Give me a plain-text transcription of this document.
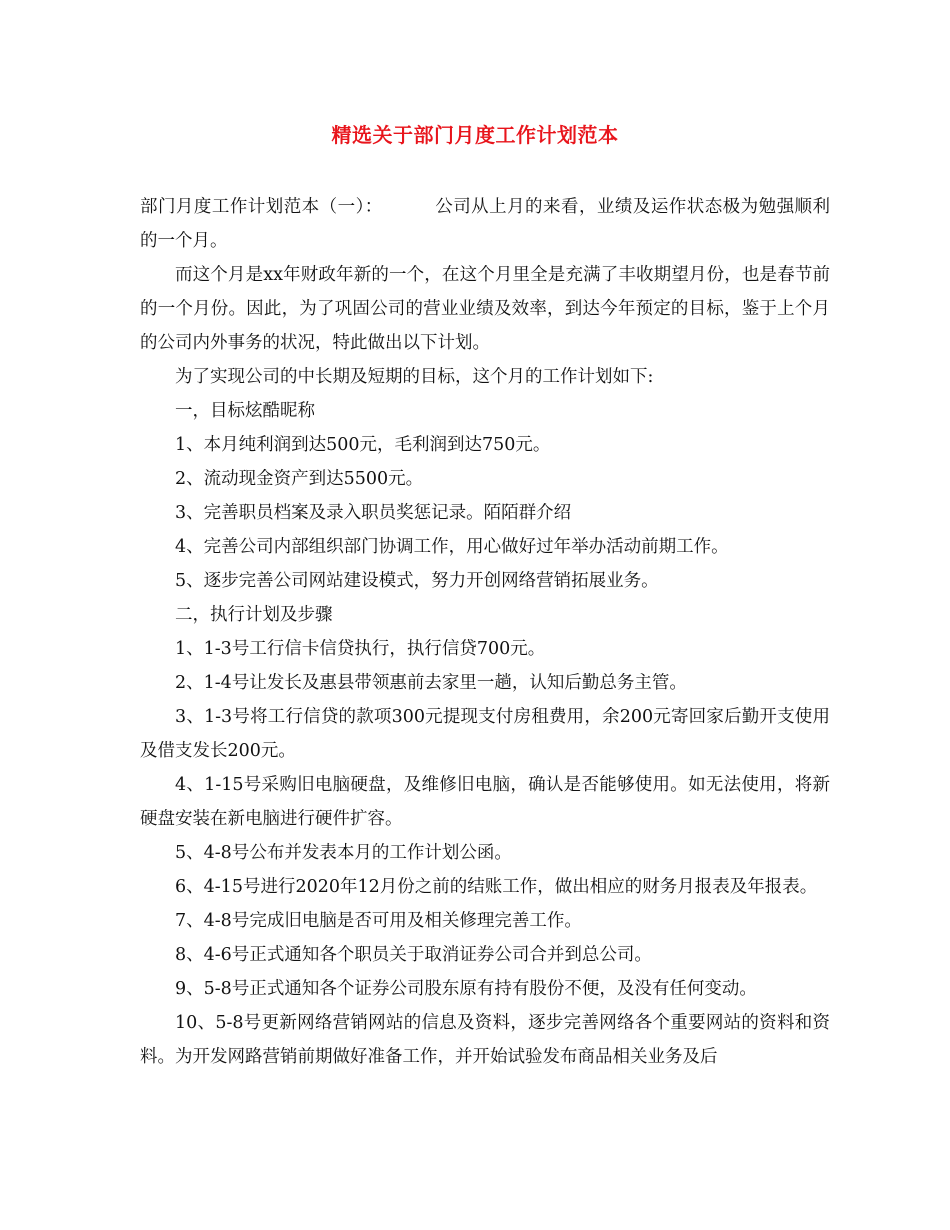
精选关于部门月度工作计划范本

部门月度工作计划范本（一）：	公司从上月的来看，业绩及运作状态极为勉强顺利的一个月。

而这个月是xx年财政年新的一个，在这个月里全是充满了丰收期望月份，也是春节前的一个月份。因此，为了巩固公司的营业业绩及效率，到达今年预定的目标，鉴于上个月的公司内外事务的状况，特此做出以下计划。

为了实现公司的中长期及短期的目标，这个月的工作计划如下:

一，目标炫酷昵称

1、本月纯利润到达500元，毛利润到达750元。

2、流动现金资产到达5500元。

3、完善职员档案及录入职员奖惩记录。陌陌群介绍

4、完善公司内部组织部门协调工作，用心做好过年举办活动前期工作。

5、逐步完善公司网站建设模式，努力开创网络营销拓展业务。

二，执行计划及步骤

1、1-3号工行信卡信贷执行，执行信贷700元。

2、1-4号让发长及惠县带领惠前去家里一趟，认知后勤总务主管。

3、1-3号将工行信贷的款项300元提现支付房租费用，余200元寄回家后勤开支使用及借支发长200元。

4、1-15号采购旧电脑硬盘，及维修旧电脑，确认是否能够使用。如无法使用，将新硬盘安装在新电脑进行硬件扩容。

5、4-8号公布并发表本月的工作计划公函。

6、4-15号进行2020年12月份之前的结账工作，做出相应的财务月报表及年报表。

7、4-8号完成旧电脑是否可用及相关修理完善工作。

8、4-6号正式通知各个职员关于取消证券公司合并到总公司。

9、5-8号正式通知各个证券公司股东原有持有股份不便，及没有任何变动。

10、5-8号更新网络营销网站的信息及资料，逐步完善网络各个重要网站的资料和资料。为开发网路营销前期做好准备工作，并开始试验发布商品相关业务及后
